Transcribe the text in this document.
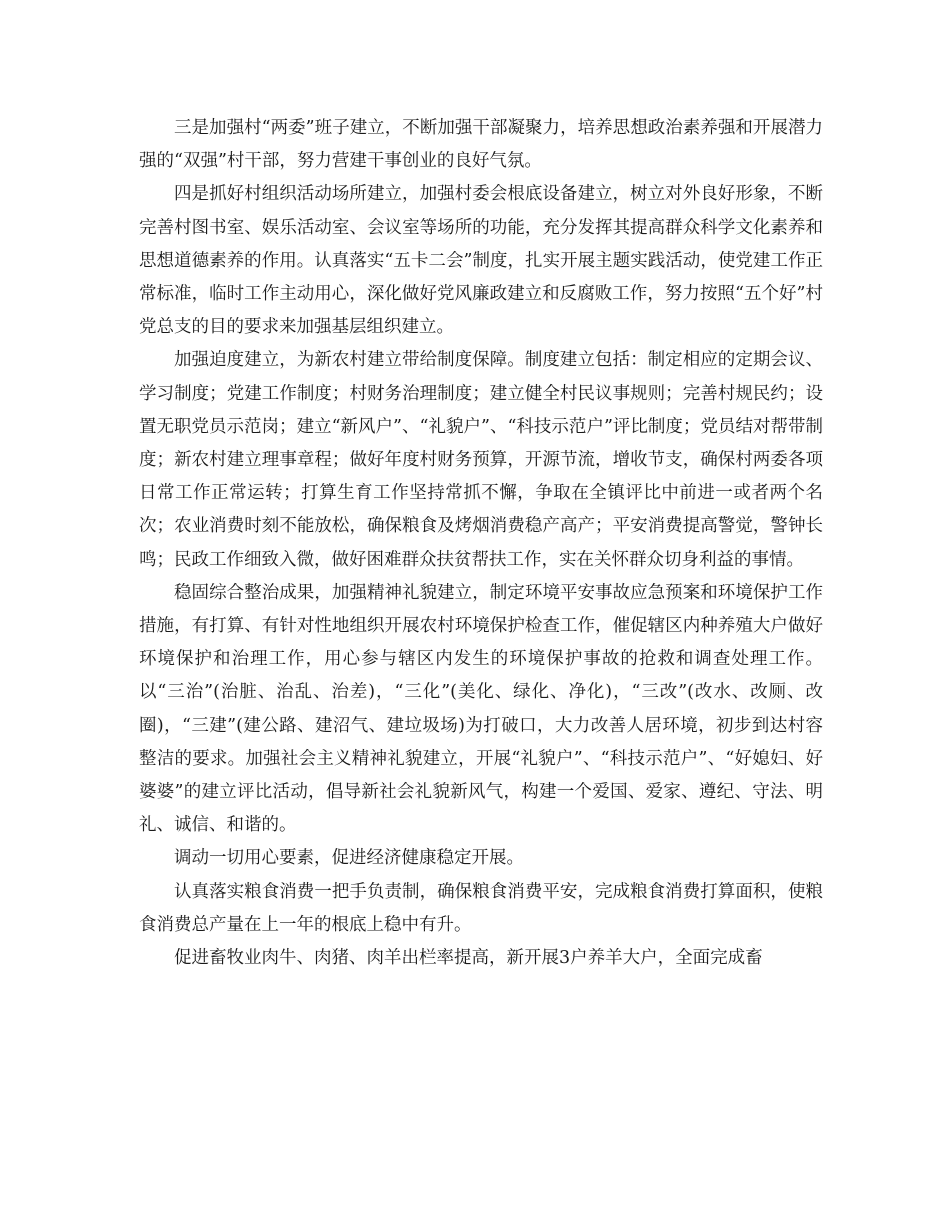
三是加强村“两委”班子建立，不断加强干部凝聚力，培养思想政治素养强和开展潜力强的“双强”村干部，努力营建干事创业的良好气氛。

四是抓好村组织活动场所建立，加强村委会根底设备建立，树立对外良好形象，不断完善村图书室、娱乐活动室、会议室等场所的功能，充分发挥其提高群众科学文化素养和思想道德素养的作用。认真落实“五卡二会”制度，扎实开展主题实践活动，使党建工作正常标准，临时工作主动用心，深化做好党风廉政建立和反腐败工作，努力按照“五个好”村党总支的目的要求来加强基层组织建立。

加强迫度建立，为新农村建立带给制度保障。制度建立包括：制定相应的定期会议、学习制度；党建工作制度；村财务治理制度；建立健全村民议事规则；完善村规民约；设置无职党员示范岗；建立“新风户”、“礼貌户”、“科技示范户”评比制度；党员结对帮带制度；新农村建立理事章程；做好年度村财务预算，开源节流，增收节支，确保村两委各项日常工作正常运转；打算生育工作坚持常抓不懈，争取在全镇评比中前进一或者两个名次；农业消费时刻不能放松，确保粮食及烤烟消费稳产高产；平安消费提高警觉，警钟长鸣；民政工作细致入微，做好困难群众扶贫帮扶工作，实在关怀群众切身利益的事情。

稳固综合整治成果，加强精神礼貌建立，制定环境平安事故应急预案和环境保护工作措施，有打算、有针对性地组织开展农村环境保护检查工作，催促辖区内种养殖大户做好环境保护和治理工作，用心参与辖区内发生的环境保护事故的抢救和调查处理工作。以“三治”(治脏、治乱、治差)，“三化”(美化、绿化、净化)，“三改”(改水、改厕、改圈)，“三建”(建公路、建沼气、建垃圾场)为打破口，大力改善人居环境，初步到达村容整洁的要求。加强社会主义精神礼貌建立，开展“礼貌户”、“科技示范户”、“好媳妇、好婆婆”的建立评比活动，倡导新社会礼貌新风气，构建一个爱国、爱家、遵纪、守法、明礼、诚信、和谐的。

调动一切用心要素，促进经济健康稳定开展。

认真落实粮食消费一把手负责制，确保粮食消费平安，完成粮食消费打算面积，使粮食消费总产量在上一年的根底上稳中有升。

促进畜牧业肉牛、肉猪、肉羊出栏率提高，新开展3户养羊大户，全面完成畜
